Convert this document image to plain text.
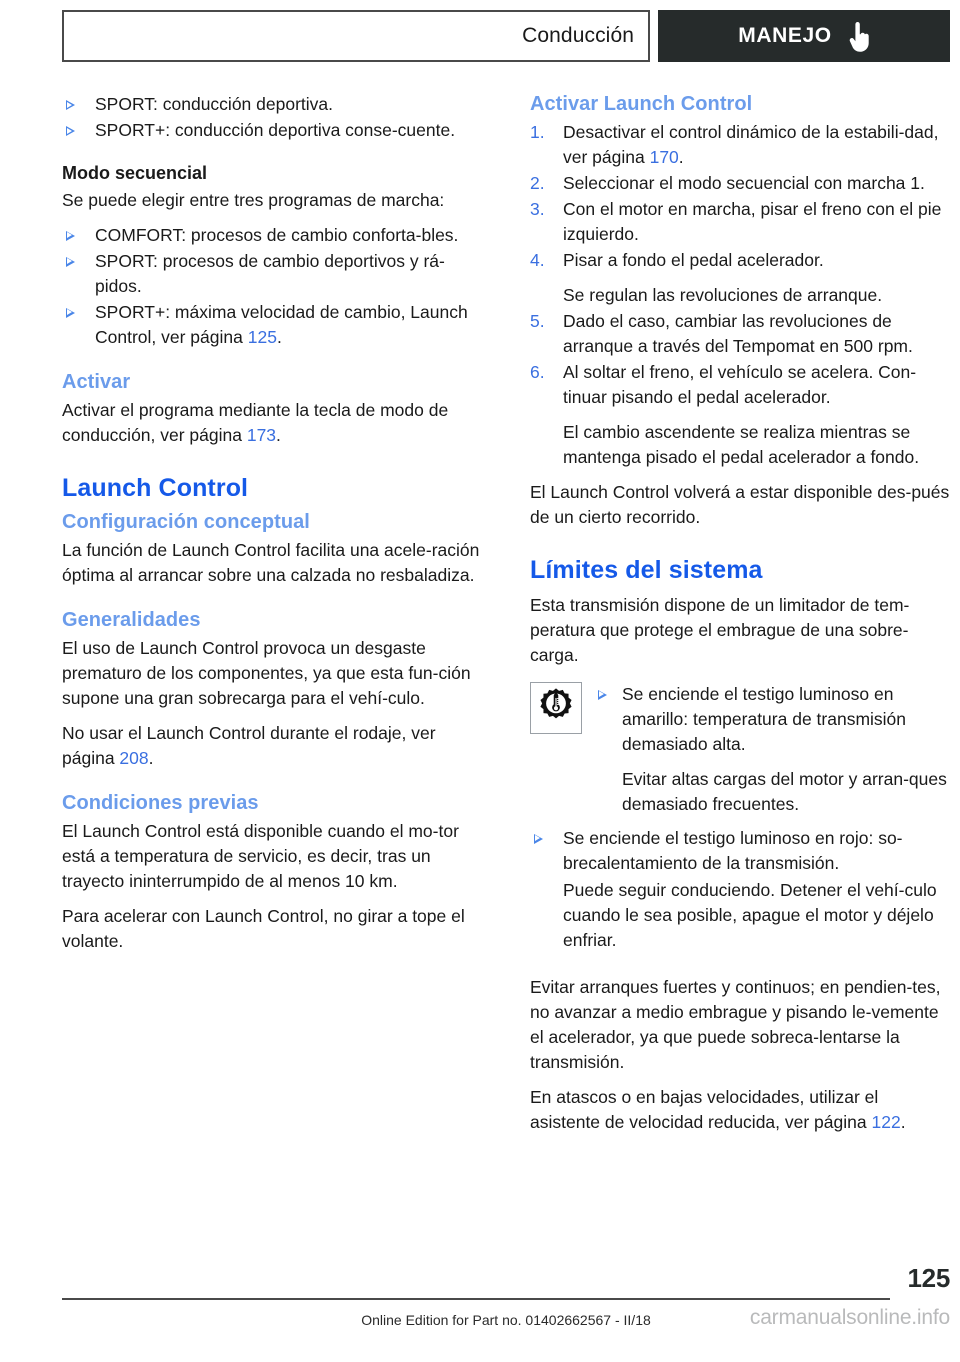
Conducción	MANEJO
SPORT: conducción deportiva.
SPORT+: conducción deportiva conse-cuente.
Modo secuencial

Se puede elegir entre tres programas de marcha:

COMFORT: procesos de cambio conforta-bles.
SPORT: procesos de cambio deportivos y rá-pidos.
SPORT+: máxima velocidad de cambio, Launch Control, ver página 125.
Activar

Activar el programa mediante la tecla de modo de conducción, ver página 173.

Launch Control
Configuración conceptual

La función de Launch Control facilita una acele-ración óptima al arrancar sobre una calzada no resbaladiza.

Generalidades

El uso de Launch Control provoca un desgaste prematuro de los componentes, ya que esta fun-ción supone una gran sobrecarga para el vehí-culo.

No usar el Launch Control durante el rodaje, ver página 208.

Condiciones previas

El Launch Control está disponible cuando el mo-tor está a temperatura de servicio, es decir, tras un trayecto ininterrumpido de al menos 10 km.

Para acelerar con Launch Control, no girar a tope el volante.

Activar Launch Control
1.	Desactivar el control dinámico de la estabili-dad, ver página 170.
2.	Seleccionar el modo secuencial con marcha 1.
3.	Con el motor en marcha, pisar el freno con el pie izquierdo.
4.	Pisar a fondo el pedal acelerador.
Se regulan las revoluciones de arranque.
5.	Dado el caso, cambiar las revoluciones de arranque a través del Tempomat en 500 rpm.
6.	Al soltar el freno, el vehículo se acelera. Con-tinuar pisando el pedal acelerador.
El cambio ascendente se realiza mientras se mantenga pisado el pedal acelerador a fondo.

El Launch Control volverá a estar disponible des-pués de un cierto recorrido.

Límites del sistema

Esta transmisión dispone de un limitador de tem-peratura que protege el embrague de una sobre-carga.

Se enciende el testigo luminoso en amarillo: temperatura de transmisión demasiado alta.
Evitar altas cargas del motor y arran-ques demasiado frecuentes.
Se enciende el testigo luminoso en rojo: so-brecalentamiento de la transmisión.
Puede seguir conduciendo. Detener el vehí-culo cuando le sea posible, apague el motor y déjelo enfriar.

Evitar arranques fuertes y continuos; en pendien-tes, no avanzar a medio embrague y pisando le-vemente el acelerador, ya que puede sobreca-lentarse la transmisión.

En atascos o en bajas velocidades, utilizar el asistente de velocidad reducida, ver página 122.

125
Online Edition for Part no. 01402662567 - II/18	carmanualsonline.info
